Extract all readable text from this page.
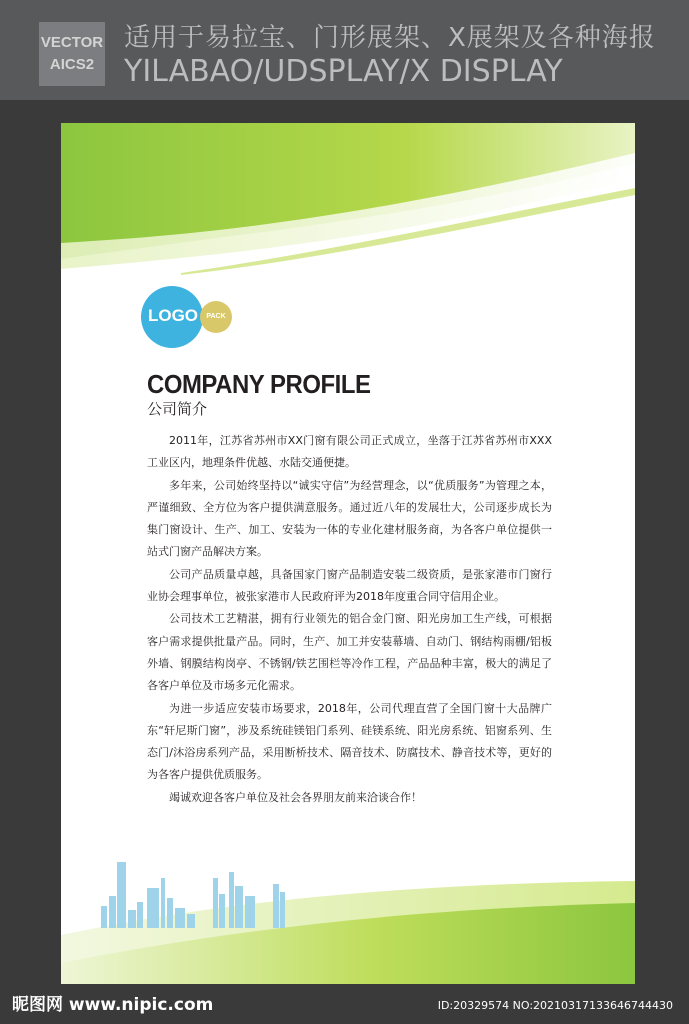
VECTOR
AICS2
适用于易拉宝、门形展架、X展架及各种海报
YILABAO/UDSPLAY/X DISPLAY
LOGO	PACK
COMPANY PROFILE
公司简介

2011年，江苏省苏州市XX门窗有限公司正式成立，坐落于江苏省苏州市XXX工业区内，地理条件优越、水陆交通便捷。

多年来，公司始终坚持以“诚实守信”为经营理念，以“优质服务”为管理之本，严谨细致、全方位为客户提供满意服务。通过近八年的发展壮大，公司逐步成长为集门窗设计、生产、加工、安装为一体的专业化建材服务商，为各客户单位提供一站式门窗产品解决方案。

公司产品质量卓越，具备国家门窗产品制造安装二级资质，是张家港市门窗行业协会理事单位，被张家港市人民政府评为2018年度重合同守信用企业。

公司技术工艺精湛，拥有行业领先的铝合金门窗、阳光房加工生产线，可根据客户需求提供批量产品。同时，生产、加工并安装幕墙、自动门、钢结构雨棚/铝板外墙、钢膜结构岗亭、不锈钢/铁艺围栏等冷作工程，产品品种丰富，极大的满足了各客户单位及市场多元化需求。

为进一步适应安装市场要求，2018年，公司代理直营了全国门窗十大品牌广东“轩尼斯门窗”，涉及系统硅镁铝门系列、硅镁系统、阳光房系统、铝窗系列、生态门/沐浴房系列产品，采用断桥技术、隔音技术、防腐技术、静音技术等，更好的为各客户提供优质服务。

竭诚欢迎各客户单位及社会各界朋友前来洽谈合作！

昵图网 www.nipic.com	ID:20329574 NO:20210317133646744430
